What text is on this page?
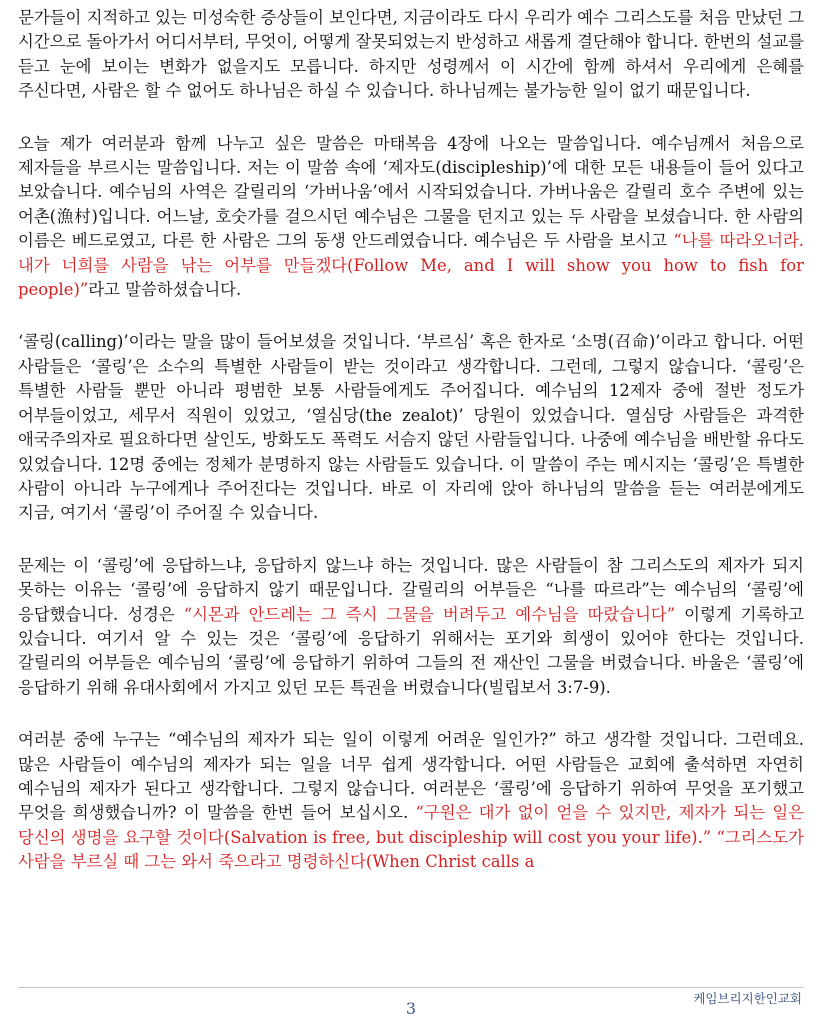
문가들이 지적하고 있는 미성숙한 증상들이 보인다면, 지금이라도 다시 우리가 예수 그리스도를 처음 만났던 그 시간으로 돌아가서 어디서부터, 무엇이, 어떻게 잘못되었는지 반성하고 새롭게 결단해야 합니다. 한번의 설교를 듣고 눈에 보이는 변화가 없을지도 모릅니다. 하지만 성령께서 이 시간에 함께 하셔서 우리에게 은혜를 주신다면, 사람은 할 수 없어도 하나님은 하실 수 있습니다. 하나님께는 불가능한 일이 없기 때문입니다.

오늘 제가 여러분과 함께 나누고 싶은 말씀은 마태복음 4장에 나오는 말씀입니다. 예수님께서 처음으로 제자들을 부르시는 말씀입니다. 저는 이 말씀 속에 ‘제자도(discipleship)’에 대한 모든 내용들이 들어 있다고 보았습니다. 예수님의 사역은 갈릴리의 ‘가버나움’에서 시작되었습니다. 가버나움은 갈릴리 호수 주변에 있는 어촌(漁村)입니다. 어느날, 호숫가를 걸으시던 예수님은 그물을 던지고 있는 두 사람을 보셨습니다. 한 사람의 이름은 베드로였고, 다른 한 사람은 그의 동생 안드레였습니다. 예수님은 두 사람을 보시고 “나를 따라오너라. 내가 너희를 사람을 낚는 어부를 만들겠다(Follow Me, and I will show you how to fish for people)”라고 말씀하셨습니다.

‘콜링(calling)’이라는 말을 많이 들어보셨을 것입니다. ‘부르심’ 혹은 한자로 ‘소명(召命)’이라고 합니다. 어떤 사람들은 ‘콜링’은 소수의 특별한 사람들이 받는 것이라고 생각합니다. 그런데, 그렇지 않습니다. ‘콜링’은 특별한 사람들 뿐만 아니라 평범한 보통 사람들에게도 주어집니다. 예수님의 12제자 중에 절반 정도가 어부들이었고, 세무서 직원이 있었고, ‘열심당(the zealot)’ 당원이 있었습니다. 열심당 사람들은 과격한 애국주의자로 필요하다면 살인도, 방화도도 폭력도 서슴지 않던 사람들입니다. 나중에 예수님을 배반할 유다도 있었습니다. 12명 중에는 정체가 분명하지 않는 사람들도 있습니다. 이 말씀이 주는 메시지는 ‘콜링’은 특별한 사람이 아니라 누구에게나 주어진다는 것입니다. 바로 이 자리에 앉아 하나님의 말씀을 듣는 여러분에게도 지금, 여기서 ‘콜링’이 주어질 수 있습니다.

문제는 이 ‘콜링’에 응답하느냐, 응답하지 않느냐 하는 것입니다. 많은 사람들이 참 그리스도의 제자가 되지 못하는 이유는 ‘콜링’에 응답하지 않기 때문입니다. 갈릴리의 어부들은 “나를 따르라”는 예수님의 ‘콜링’에 응답했습니다. 성경은 “시몬과 안드레는 그 즉시 그물을 버려두고 예수님을 따랐습니다” 이렇게 기록하고 있습니다. 여기서 알 수 있는 것은 ‘콜링’에 응답하기 위해서는 포기와 희생이 있어야 한다는 것입니다. 갈릴리의 어부들은 예수님의 ‘콜링’에 응답하기 위하여 그들의 전 재산인 그물을 버렸습니다. 바울은 ‘콜링’에 응답하기 위해 유대사회에서 가지고 있던 모든 특권을 버렸습니다(빌립보서 3:7-9).

여러분 중에 누구는 “예수님의 제자가 되는 일이 이렇게 어려운 일인가?” 하고 생각할 것입니다. 그런데요. 많은 사람들이 예수님의 제자가 되는 일을 너무 쉽게 생각합니다. 어떤 사람들은 교회에 출석하면 자연히 예수님의 제자가 된다고 생각합니다. 그렇지 않습니다. 여러분은 ‘콜링’에 응답하기 위하여 무엇을 포기했고 무엇을 희생했습니까? 이 말씀을 한번 들어 보십시오. “구원은 대가 없이 얻을 수 있지만, 제자가 되는 일은 당신의 생명을 요구할 것이다(Salvation is free, but discipleship will cost you your life).” “그리스도가 사람을 부르실 때 그는 와서 죽으라고 명령하신다(When Christ calls a

케임브리지한인교회
3
